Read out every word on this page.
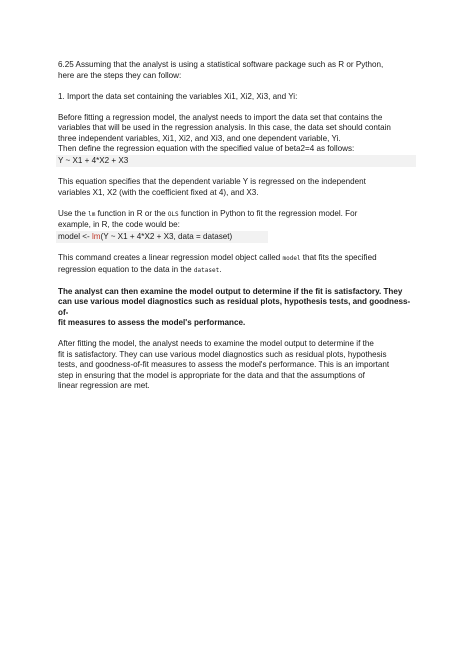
6.25 Assuming that the analyst is using a statistical software package such as R or Python,
here are the steps they can follow:

1. Import the data set containing the variables Xi1, Xi2, Xi3, and Yi:

Before fitting a regression model, the analyst needs to import the data set that contains the
variables that will be used in the regression analysis. In this case, the data set should contain
three independent variables, Xi1, Xi2, and Xi3, and one dependent variable, Yi.
Then define the regression equation with the specified value of beta2=4 as follows:

Y ~ X1 + 4*X2 + X3

This equation specifies that the dependent variable Y is regressed on the independent
variables X1, X2 (with the coefficient fixed at 4), and X3.

Use the lm function in R or the OLS function in Python to fit the regression model. For
example, in R, the code would be:

model <- lm(Y ~ X1 + 4*X2 + X3, data = dataset)

This command creates a linear regression model object called model that fits the specified
regression equation to the data in the dataset.

The analyst can then examine the model output to determine if the fit is satisfactory. They
can use various model diagnostics such as residual plots, hypothesis tests, and goodness-of-
fit measures to assess the model's performance.

After fitting the model, the analyst needs to examine the model output to determine if the
fit is satisfactory. They can use various model diagnostics such as residual plots, hypothesis
tests, and goodness-of-fit measures to assess the model's performance. This is an important
step in ensuring that the model is appropriate for the data and that the assumptions of
linear regression are met.
